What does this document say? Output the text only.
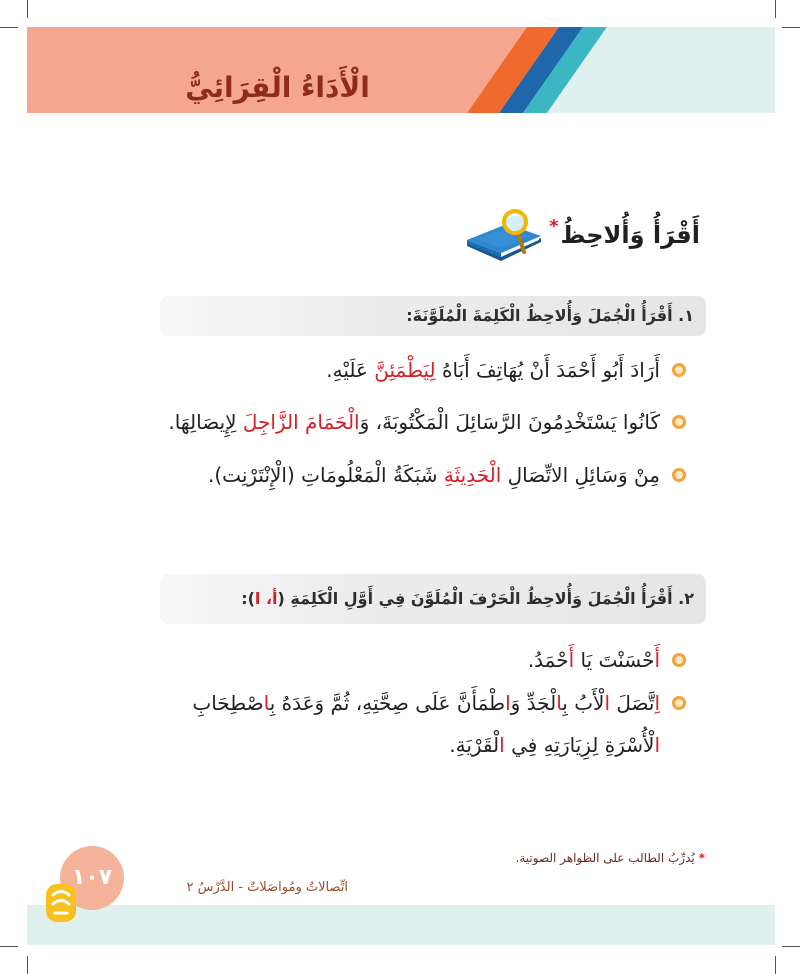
الْأَدَاءُ الْقِرَائِيُّ
أَقْرَأُ وَأُلاحِظُ
*
١. أَقْرَأُ الْجُمَلَ وَأُلاحِظُ الْكَلِمَةَ الْمُلَوَّنَةَ:
أَرَادَ أَبُو أَحْمَدَ أَنْ يُهَاتِفَ أَبَاهُ لِيَطْمَئِنَّ عَلَيْهِ.
كَانُوا يَسْتَخْدِمُونَ الرَّسَائِلَ الْمَكْتُوبَةَ، وَالْحَمَامَ الزَّاجِلَ لِإِيصَالِهَا.
مِنْ وَسَائِلِ الاتِّصَالِ الْحَدِيثَةِ شَبَكَةُ الْمَعْلُومَاتِ (الْإِنْتَرْنِت).
٢. أَقْرَأُ الْجُمَلَ وَأُلاحِظُ الْحَرْفَ الْمُلَوَّنَ فِي أَوَّلِ الْكَلِمَةِ (أ، ا):
أَحْسَنْتَ يَا أَحْمَدُ.
اِتَّصَلَ الْأَبُ بِالْجَدِّ وَاطْمَأَنَّ عَلَى صِحَّتِهِ، ثُمَّ وَعَدَهُ بِاصْطِحَابِ
الْأُسْرَةِ لِزِيَارَتِهِ فِي الْقَرْيَةِ.
*يُدرِّبُ الطالب على الظواهر الصوتية.
اتِّصالاتٌ ومُواصَلاتٌ - الدَّرْسُ ٢
١٠٧
